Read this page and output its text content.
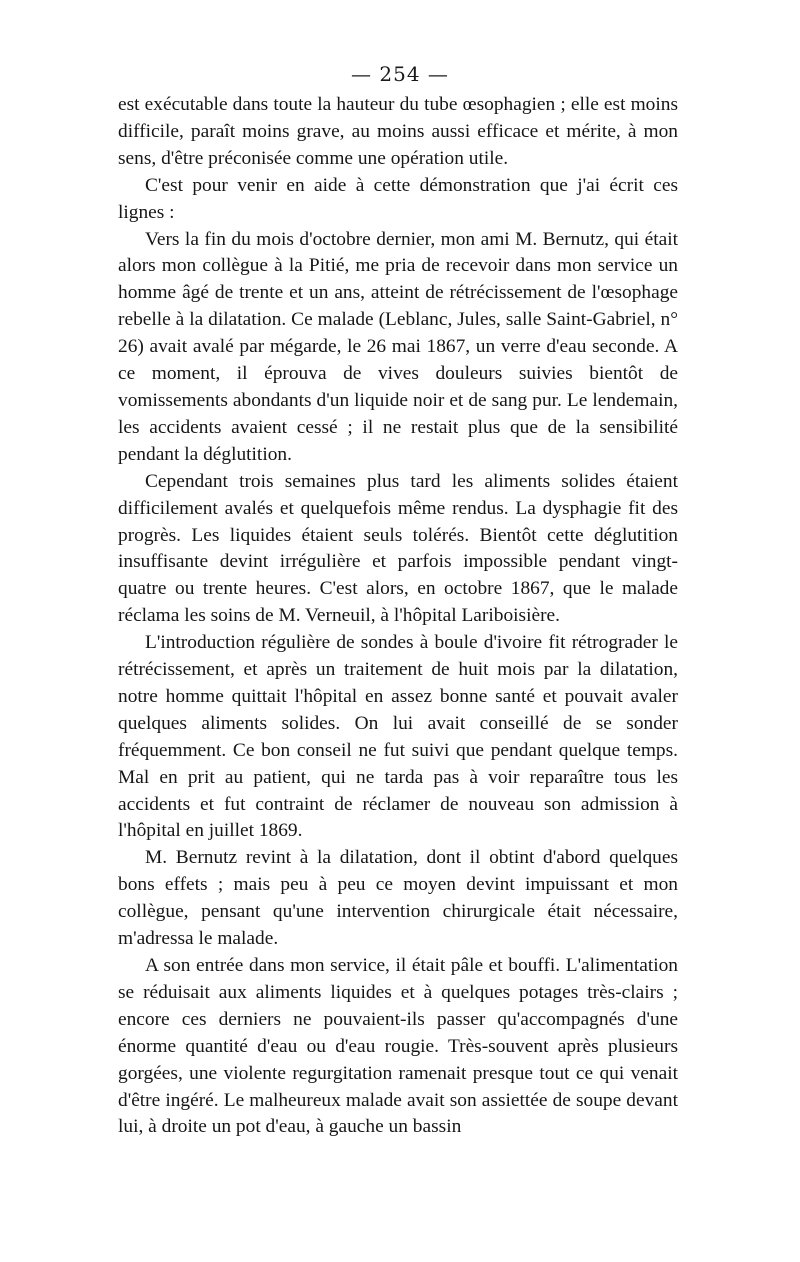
— 254 —

est exécutable dans toute la hauteur du tube œsophagien ; elle est moins difficile, paraît moins grave, au moins aussi efficace et mérite, à mon sens, d'être préconisée comme une opération utile.

C'est pour venir en aide à cette démonstration que j'ai écrit ces lignes :

Vers la fin du mois d'octobre dernier, mon ami M. Bernutz, qui était alors mon collègue à la Pitié, me pria de recevoir dans mon service un homme âgé de trente et un ans, atteint de rétrécissement de l'œsophage rebelle à la dilatation. Ce malade (Leblanc, Jules, salle Saint-Gabriel, n° 26) avait avalé par mégarde, le 26 mai 1867, un verre d'eau seconde. A ce moment, il éprouva de vives douleurs suivies bientôt de vomissements abondants d'un liquide noir et de sang pur. Le lendemain, les accidents avaient cessé ; il ne restait plus que de la sensibilité pendant la déglutition.

Cependant trois semaines plus tard les aliments solides étaient difficilement avalés et quelquefois même rendus. La dysphagie fit des progrès. Les liquides étaient seuls tolérés. Bientôt cette déglutition insuffisante devint irrégulière et parfois impossible pendant vingt-quatre ou trente heures. C'est alors, en octobre 1867, que le malade réclama les soins de M. Verneuil, à l'hôpital Lariboisière.

L'introduction régulière de sondes à boule d'ivoire fit rétrograder le rétrécissement, et après un traitement de huit mois par la dilatation, notre homme quittait l'hôpital en assez bonne santé et pouvait avaler quelques aliments solides. On lui avait conseillé de se sonder fréquemment. Ce bon conseil ne fut suivi que pendant quelque temps. Mal en prit au patient, qui ne tarda pas à voir reparaître tous les accidents et fut contraint de réclamer de nouveau son admission à l'hôpital en juillet 1869.

M. Bernutz revint à la dilatation, dont il obtint d'abord quelques bons effets ; mais peu à peu ce moyen devint impuissant et mon collègue, pensant qu'une intervention chirurgicale était nécessaire, m'adressa le malade.

A son entrée dans mon service, il était pâle et bouffi. L'alimentation se réduisait aux aliments liquides et à quelques potages très-clairs ; encore ces derniers ne pouvaient-ils passer qu'accompagnés d'une énorme quantité d'eau ou d'eau rougie. Très-souvent après plusieurs gorgées, une violente regurgitation ramenait presque tout ce qui venait d'être ingéré. Le malheureux malade avait son assiettée de soupe devant lui, à droite un pot d'eau, à gauche un bassin
